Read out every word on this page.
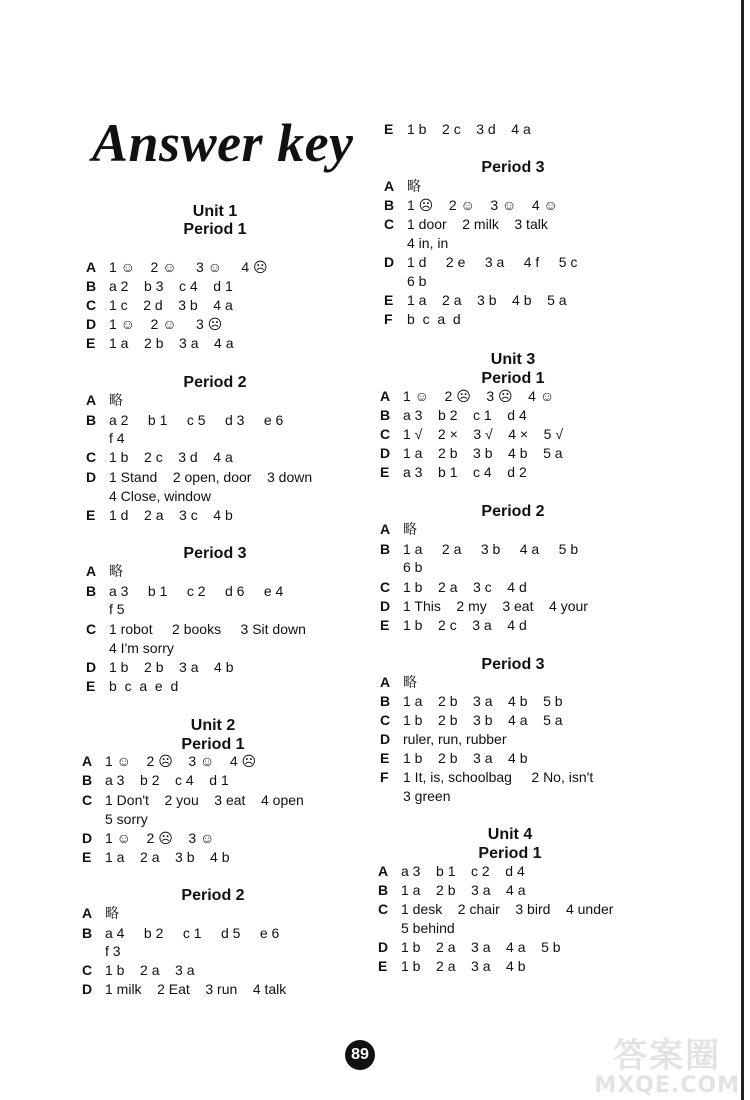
Answer key
Unit 1
Period 1
A 1 ☺    2 ☺     3 ☺     4 ☹
B a 2    b 3    c 4    d 1
C 1 c    2 d    3 b    4 a
D 1 ☺    2 ☺     3 ☹
E 1 a    2 b    3 a    4 a
Period 2
A 略
B a 2     b 1     c 5     d 3     e 6
f 4
C 1 b    2 c    3 d    4 a
D 1 Stand    2 open, door    3 down
4 Close, window
E 1 d    2 a    3 c    4 b
Period 3
A 略
B a 3     b 1     c 2     d 6     e 4
f 5
C 1 robot     2 books     3 Sit down
4 I'm sorry
D 1 b    2 b    3 a    4 b
E b  c  a  e  d
Unit 2
Period 1
A 1 ☺    2 ☹    3 ☺    4 ☹
B a 3    b 2    c 4    d 1
C 1 Don't    2 you    3 eat    4 open
5 sorry
D 1 ☺    2 ☹    3 ☺
E 1 a    2 a    3 b    4 b
Period 2
A 略
B a 4     b 2     c 1     d 5     e 6
f 3
C 1 b    2 a    3 a
D 1 milk    2 Eat    3 run    4 talk
E 1 b    2 c    3 d    4 a
Period 3
A 略
B 1 ☹    2 ☺    3 ☺    4 ☺
C 1 door    2 milk    3 talk
4 in, in
D 1 d     2 e     3 a     4 f     5 c
6 b
E 1 a    2 a    3 b    4 b    5 a
F b  c  a  d
Unit 3
Period 1
A 1 ☺    2 ☹    3 ☹    4 ☺
B a 3    b 2    c 1    d 4
C 1 √    2 ×    3 √    4 ×    5 √
D 1 a    2 b    3 b    4 b    5 a
E a 3    b 1    c 4    d 2
Period 2
A 略
B 1 a     2 a     3 b     4 a     5 b
6 b
C 1 b    2 a    3 c    4 d
D 1 This    2 my    3 eat    4 your
E 1 b    2 c    3 a    4 d
Period 3
A 略
B 1 a    2 b    3 a    4 b    5 b
C 1 b    2 b    3 b    4 a    5 a
D ruler, run, rubber
E 1 b    2 b    3 a    4 b
F 1 It, is, schoolbag     2 No, isn't
3 green
Unit 4
Period 1
A a 3    b 1    c 2    d 4
B 1 a    2 b    3 a    4 a
C 1 desk    2 chair    3 bird    4 under
5 behind
D 1 b    2 a    3 a    4 a    5 b
E 1 b    2 a    3 a    4 b
89	答案圈
MXQE.COM
